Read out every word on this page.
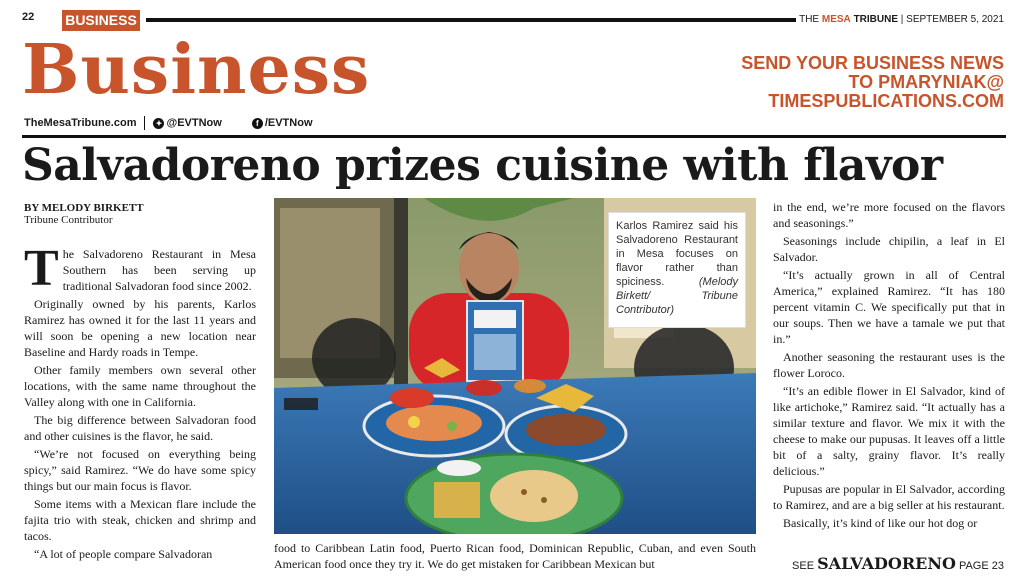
22 BUSINESS	THE MESA TRIBUNE | SEPTEMBER 5, 2021
Business	SEND YOUR BUSINESS NEWS
TO PMARYNIAK@
TIMESPUBLICATIONS.COM
TheMesaTribune.com ✦ @EVTNow	f /EVTNow
Salvadoreno prizes cuisine with flavor
BY MELODY BIRKETT
Tribune Contributor

The Salvadoreno Restaurant in Mesa Southern has been serving up traditional Salvadoran food since 2002.

Originally owned by his parents, Karlos Ramirez has owned it for the last 11 years and will soon be opening a new location near Baseline and Hardy roads in Tempe.

Other family members own several other locations, with the same name throughout the Valley along with one in California.

The big difference between Salvadoran food and other cuisines is the flavor, he said.

“We’re not focused on everything being spicy,” said Ramirez. “We do have some spicy things but our main focus is flavor.

Some items with a Mexican flare include the fajita trio with steak, chicken and shrimp and tacos.

“A lot of people compare Salvadoran

Karlos Ramirez said his Salvadoreno Restaurant in Mesa focuses on flavor rather than spiciness.	(Melody Birkett/ Tribune Contributor)
food to Caribbean Latin food, Puerto Rican food, Dominican Republic, Cuban, and even South American food once they try it. We do get mistaken for Caribbean Mexican but

in the end, we’re more focused on the flavors and seasonings.”

Seasonings include chipilin, a leaf in El Salvador.

“It’s actually grown in all of Central America,” explained Ramirez. “It has 180 percent vitamin C. We specifically put that in our soups. Then we have a tamale we put that in.”

Another seasoning the restaurant uses is the flower Loroco.

“It’s an edible flower in El Salvador, kind of like artichoke,” Ramirez said. “It actually has a similar texture and flavor. We mix it with the cheese to make our pupusas. It leaves off a little bit of a salty, grainy flavor. It’s really delicious.”

Pupusas are popular in El Salvador, according to Ramirez, and are a big seller at his restaurant.

Basically, it’s kind of like our hot dog or

SEE SALVADORENO PAGE 23
